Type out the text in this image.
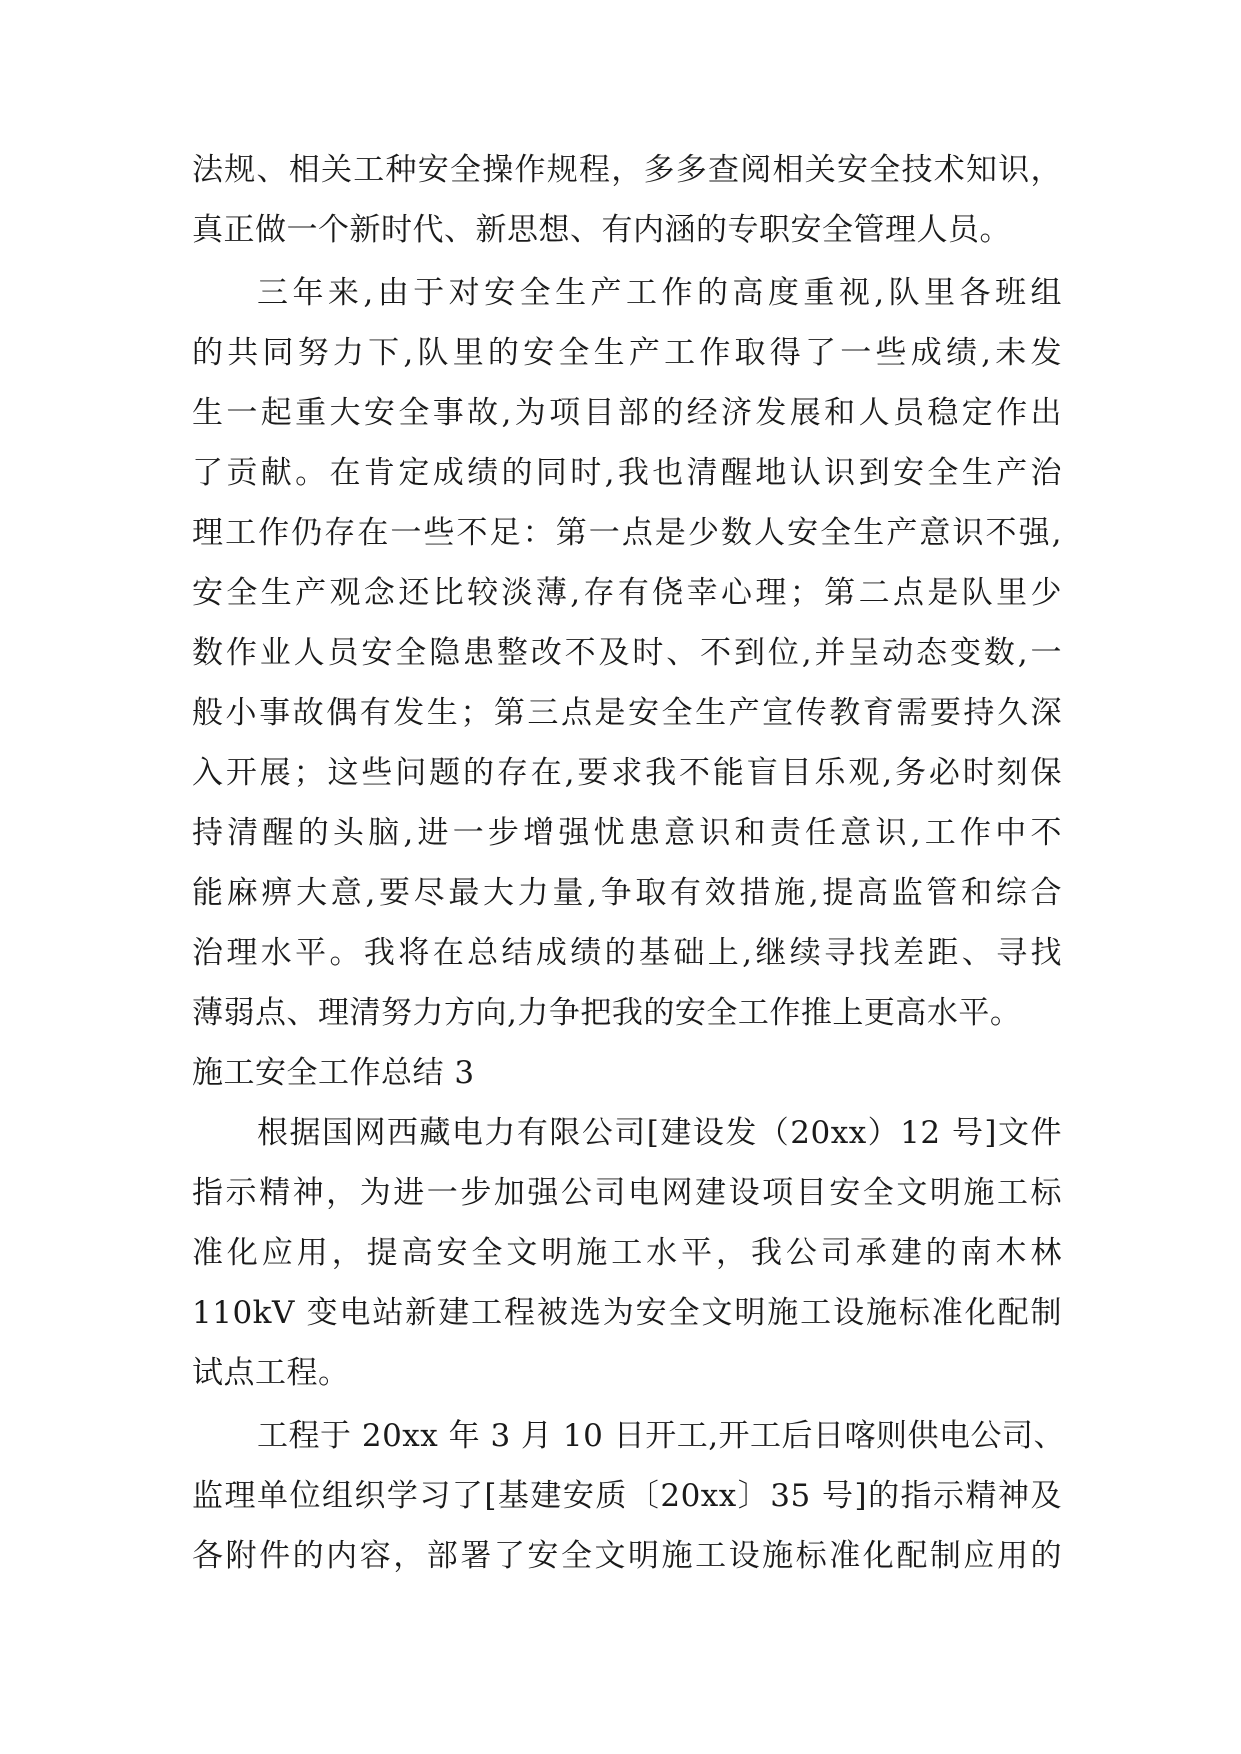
法规、相关工种安全操作规程，多多查阅相关安全技术知识，
真正做一个新时代、新思想、有内涵的专职安全管理人员。
三年来,由于对安全生产工作的高度重视,队里各班组
的共同努力下,队里的安全生产工作取得了一些成绩,未发
生一起重大安全事故,为项目部的经济发展和人员稳定作出
了贡献。在肯定成绩的同时,我也清醒地认识到安全生产治
理工作仍存在一些不足：第一点是少数人安全生产意识不强,
安全生产观念还比较淡薄,存有侥幸心理；第二点是队里少
数作业人员安全隐患整改不及时、不到位,并呈动态变数,一
般小事故偶有发生；第三点是安全生产宣传教育需要持久深
入开展；这些问题的存在,要求我不能盲目乐观,务必时刻保
持清醒的头脑,进一步增强忧患意识和责任意识,工作中不
能麻痹大意,要尽最大力量,争取有效措施,提高监管和综合
治理水平。我将在总结成绩的基础上,继续寻找差距、寻找
薄弱点、理清努力方向,力争把我的安全工作推上更高水平。
施工安全工作总结 3
根据国网西藏电力有限公司[建设发（20xx）12 号]文件
指示精神，为进一步加强公司电网建设项目安全文明施工标
准化应用，提高安全文明施工水平，我公司承建的南木林
110kV 变电站新建工程被选为安全文明施工设施标准化配制
试点工程。
工程于 20xx 年 3 月 10 日开工,开工后日喀则供电公司、
监理单位组织学习了[基建安质〔20xx〕35 号]的指示精神及
各附件的内容，部署了安全文明施工设施标准化配制应用的
